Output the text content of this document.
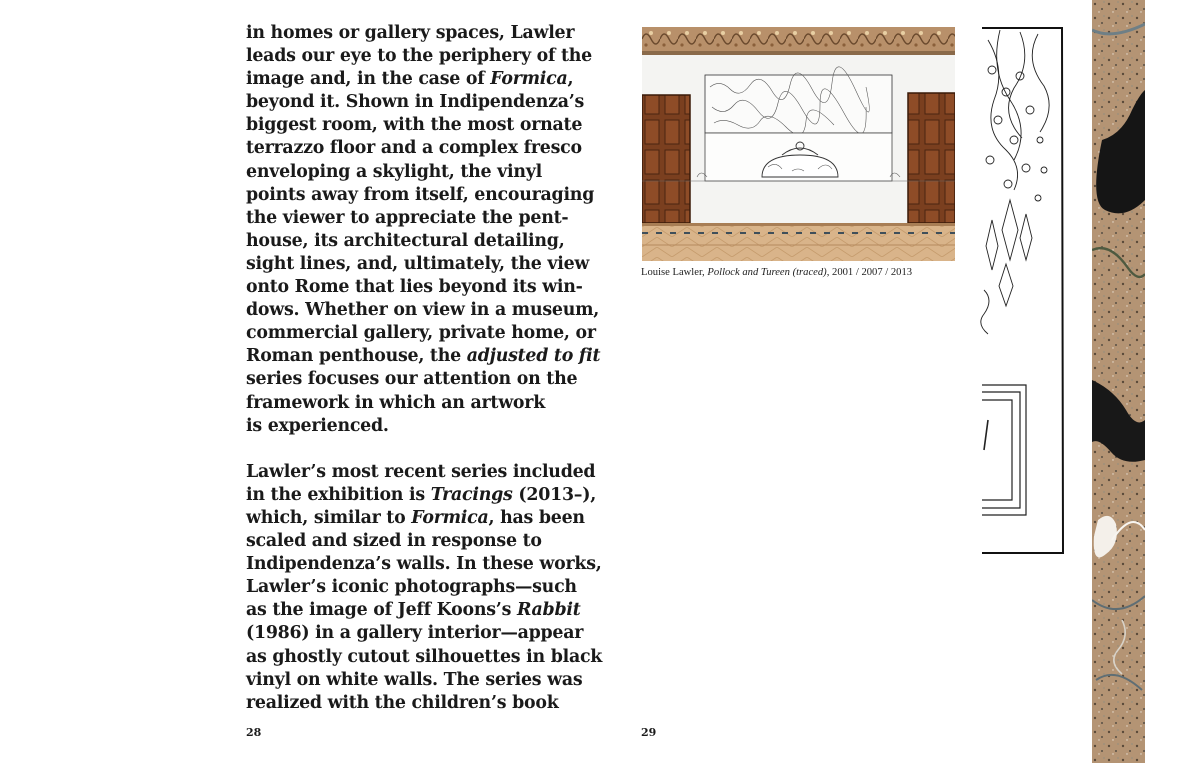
in homes or gallery spaces, Lawler
leads our eye to the periphery of the
image and, in the case of Formica,
beyond it. Shown in Indipendenza’s
biggest room, with the most ornate
terrazzo floor and a complex fresco
enveloping a skylight, the vinyl
points away from itself, encouraging
the viewer to appreciate the pent-
house, its architectural detailing,
sight lines, and, ultimately, the view
onto Rome that lies beyond its win-
dows. Whether on view in a museum,
commercial gallery, private home, or
Roman penthouse, the adjusted to fit
series focuses our attention on the
framework in which an artwork
is experienced.
Lawler’s most recent series included
in the exhibition is Tracings (2013–),
which, similar to Formica, has been
scaled and sized in response to
Indipendenza’s walls. In these works,
Lawler’s iconic photographs—such
as the image of Jeff Koons’s Rabbit
(1986) in a gallery interior—appear
as ghostly cutout silhouettes in black
vinyl on white walls. The series was
realized with the children’s book
28
Louise Lawler, Pollock and Tureen (traced), 2001 / 2007 / 2013
29
